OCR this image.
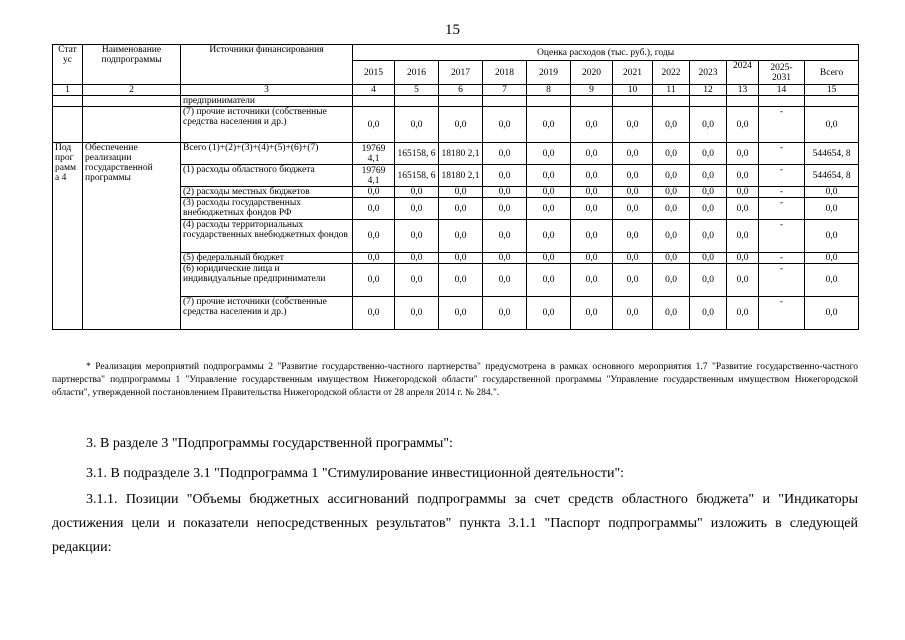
15
Стат ус	Наименование подпрограммы	Источники финансирования	Оценка расходов (тыс. руб.), годы											
			2015	2016	2017	2018	2019	2020	2021	2022	2023	2024	2025-2031	Всего
1	2	3	4	5	6	7	8	9	10	11	12	13	14	15
		предприниматели												
		(7) прочие источники (собственные средства населения и др.)	0,0	0,0	0,0	0,0	0,0	0,0	0,0	0,0	0,0	0,0	-	0,0
Под прог рамм а 4	Обеспечение реализации государственной программы	Всего (1)+(2)+(3)+(4)+(5)+(6)+(7)	19769 4,1	165158, 6	18180 2,1	0,0	0,0	0,0	0,0	0,0	0,0	0,0	-	544654, 8
		(1) расходы областного бюджета	19769 4,1	165158, 6	18180 2,1	0,0	0,0	0,0	0,0	0,0	0,0	0,0	-	544654, 8
		(2) расходы местных бюджетов	0,0	0,0	0,0	0,0	0,0	0,0	0,0	0,0	0,0	0,0	-	0,0
		(3) расходы государственных внебюджетных фондов РФ	0,0	0,0	0,0	0,0	0,0	0,0	0,0	0,0	0,0	0,0	-	0,0
		(4) расходы территориальных государственных внебюджетных фондов	0,0	0,0	0,0	0,0	0,0	0,0	0,0	0,0	0,0	0,0	-	0,0
		(5) федеральный бюджет	0,0	0,0	0,0	0,0	0,0	0,0	0,0	0,0	0,0	0,0	-	0,0
		(6) юридические лица и индивидуальные предприниматели	0,0	0,0	0,0	0,0	0,0	0,0	0,0	0,0	0,0	0,0	-	0,0
		(7) прочие источники (собственные средства населения и др.)	0,0	0,0	0,0	0,0	0,0	0,0	0,0	0,0	0,0	0,0	-	0,0
* Реализация мероприятий подпрограммы 2 "Развитие государственно-частного партнерства" предусмотрена в рамках основного мероприятия 1.7 "Развитие государственно-частного партнерства" подпрограммы 1 "Управление государственным имуществом Нижегородской области" государственной программы "Управление государственным имуществом Нижегородской области", утвержденной постановлением Правительства Нижегородской области от 28 апреля 2014 г. № 284.".
3. В разделе 3 "Подпрограммы государственной программы":
3.1. В подразделе 3.1 "Подпрограмма 1 "Стимулирование инвестиционной деятельности":
3.1.1. Позиции "Объемы бюджетных ассигнований подпрограммы за счет средств областного бюджета" и "Индикаторы достижения цели и показатели непосредственных результатов" пункта 3.1.1 "Паспорт подпрограммы" изложить в следующей редакции:
